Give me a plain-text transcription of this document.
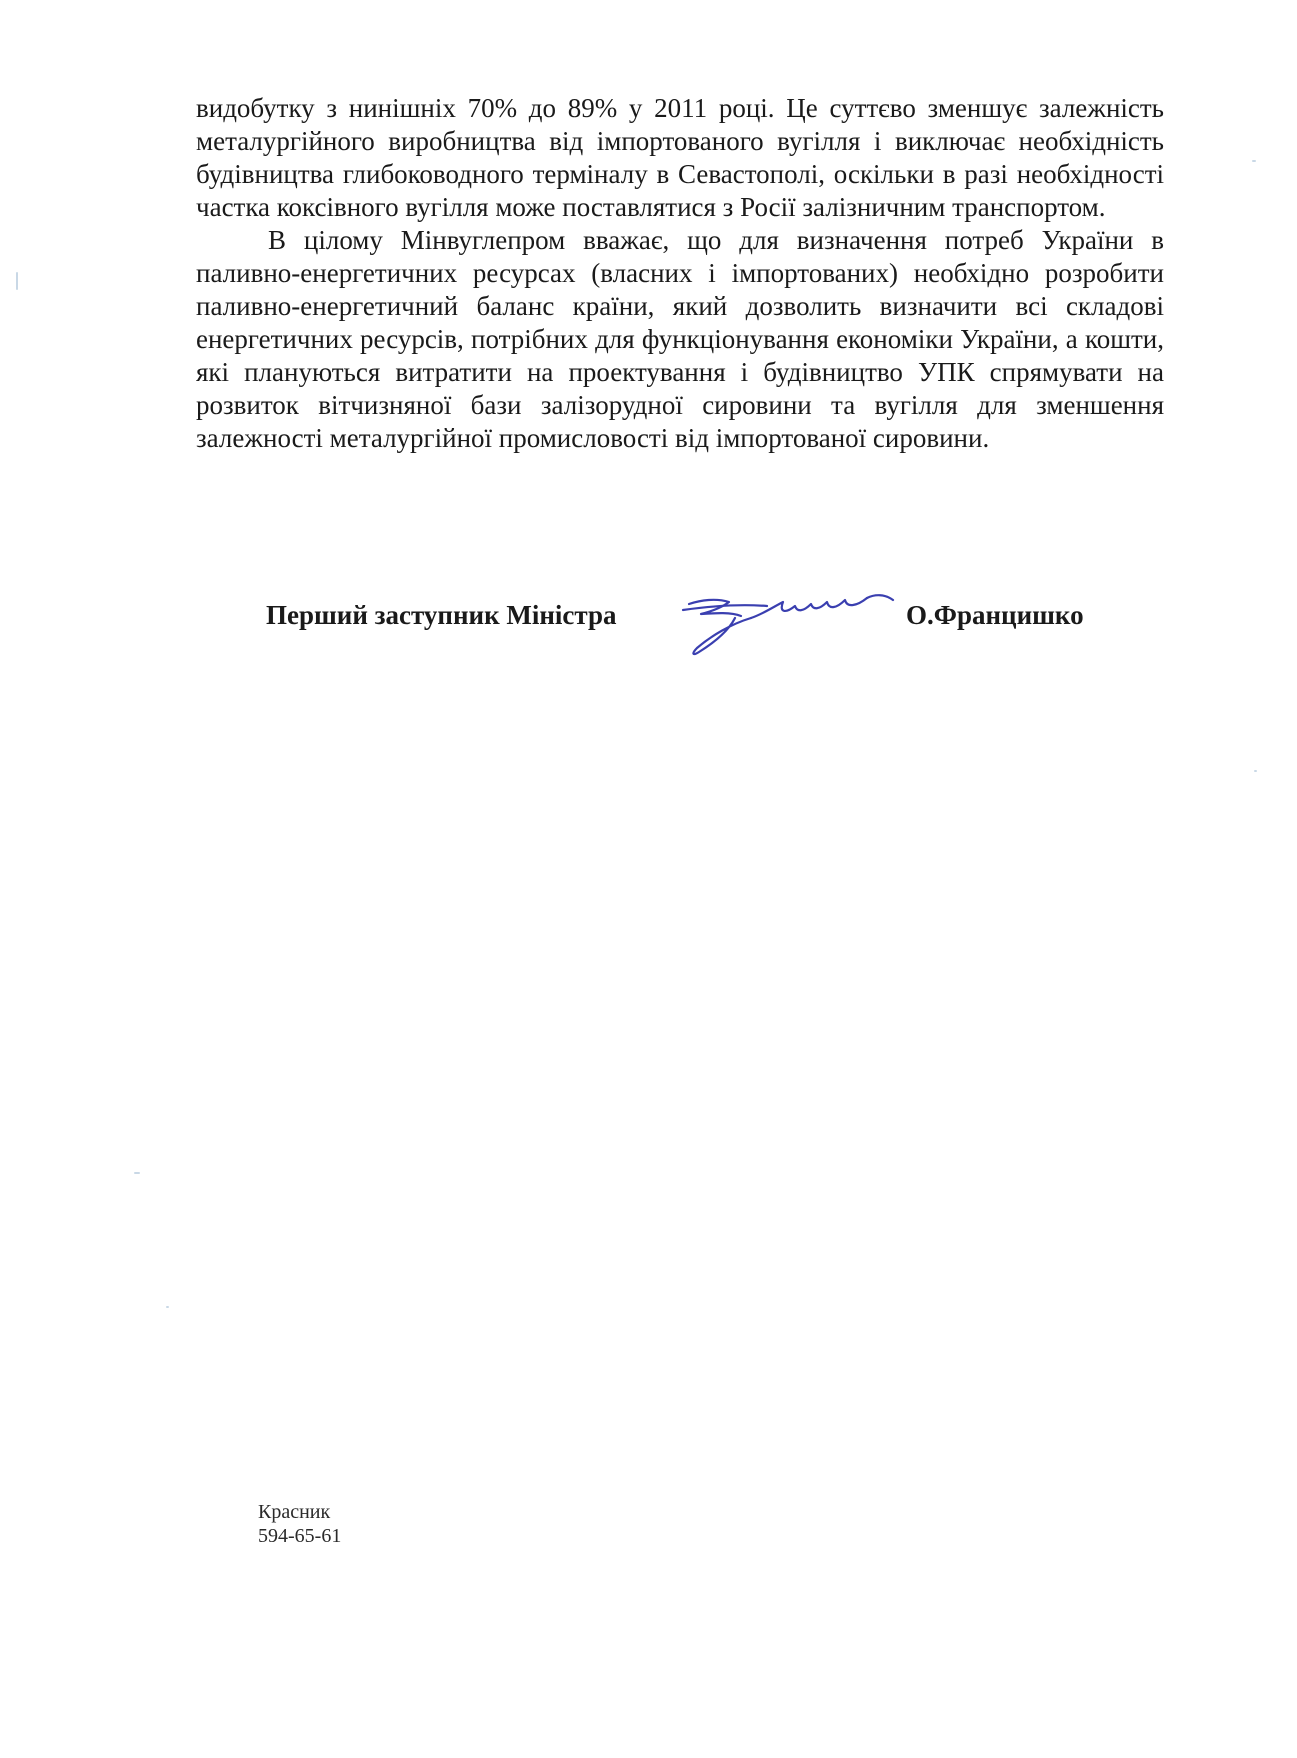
видобутку з нинішніх 70% до 89% у 2011 році. Це суттєво зменшує залежність металургійного виробництва від імпортованого вугілля і виключає необхідність будівництва глибоководного терміналу в Севастополі, оскільки в разі необхідності частка коксівного вугілля може поставлятися з Росії залізничним транспортом.

В цілому Мінвуглепром вважає, що для визначення потреб України в паливно-енергетичних ресурсах (власних і імпортованих) необхідно розробити паливно-енергетичний баланс країни, який дозволить визначити всі складові енергетичних ресурсів, потрібних для функціонування економіки України, а кошти, які плануються витратити на проектування і будівництво УПК спрямувати на розвиток вітчизняної бази залізорудної сировини та вугілля для зменшення залежності металургійної промисловості від імпортованої сировини.

Перший заступник Міністра	О.Францишко
Красник
594-65-61
